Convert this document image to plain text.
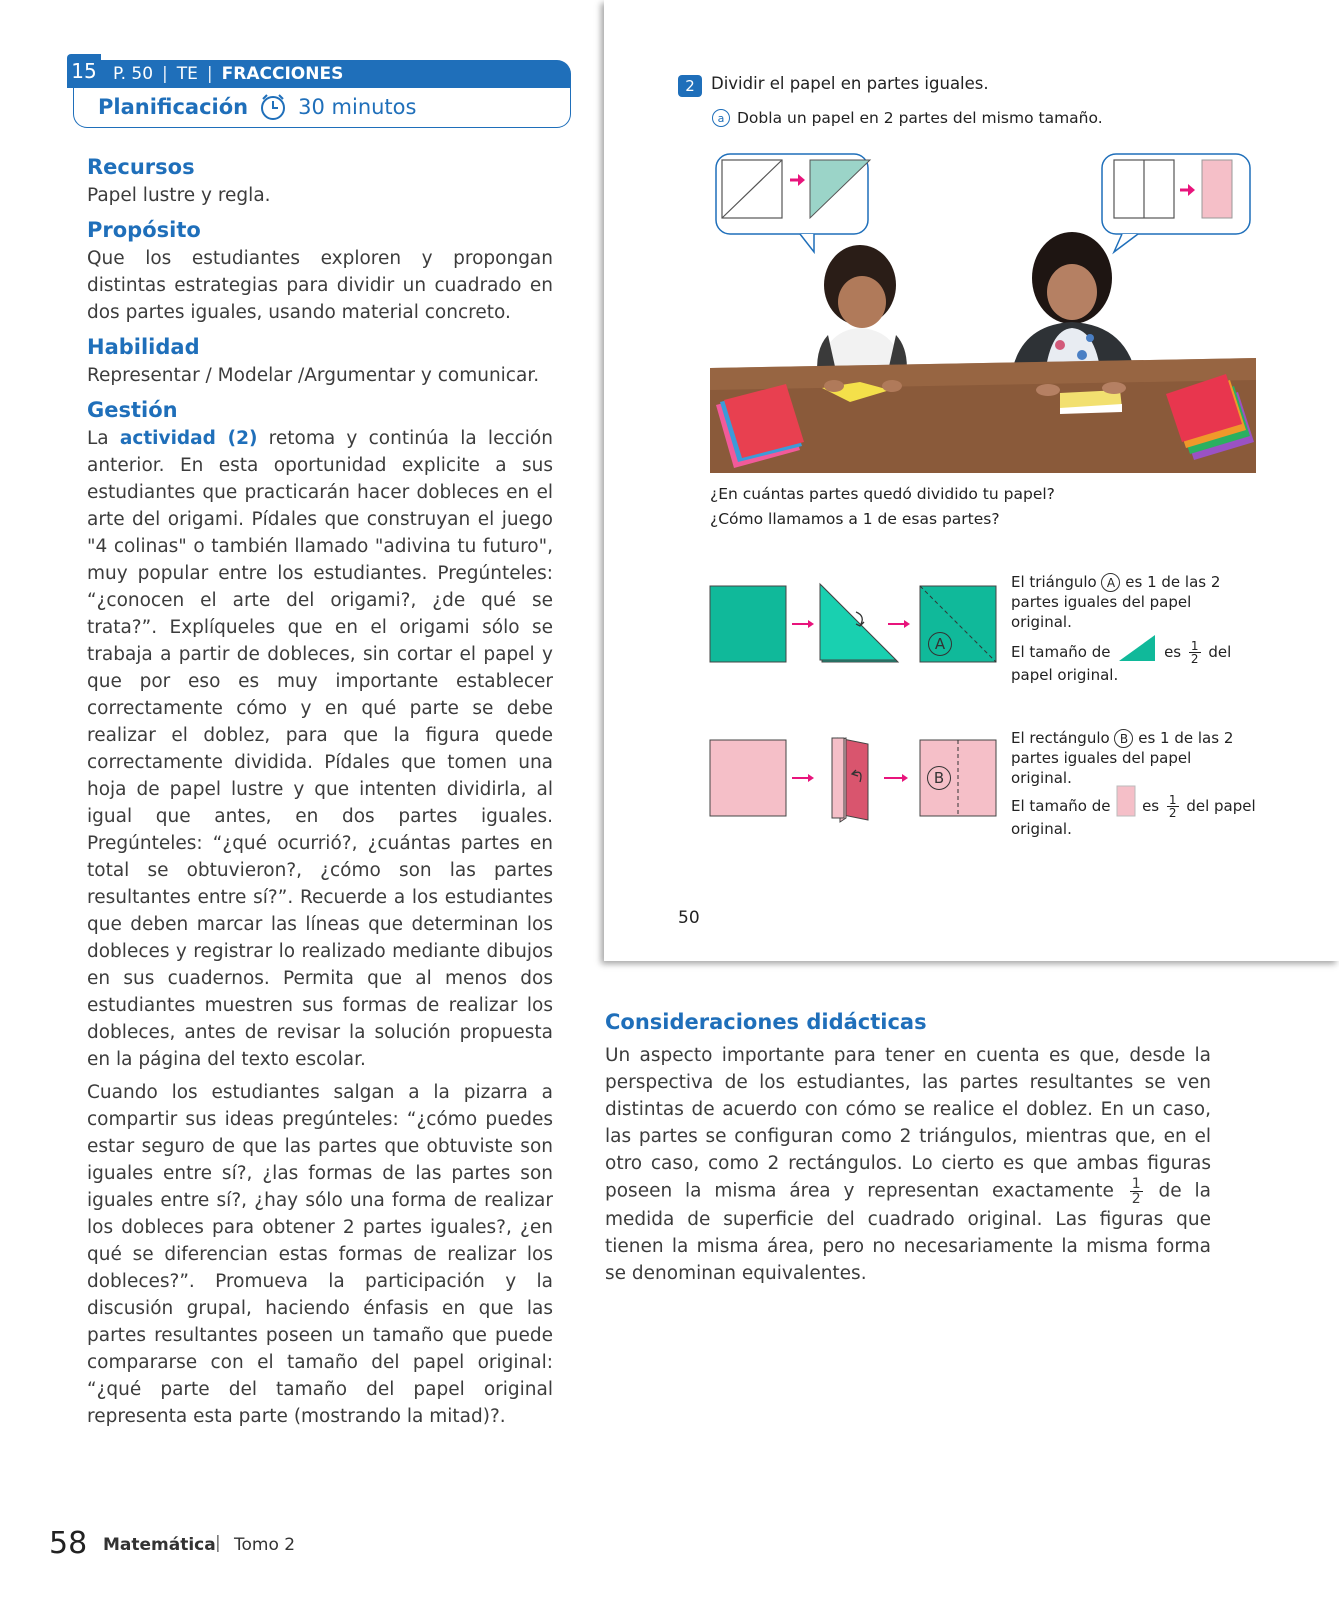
15 P. 50 | TE | FRACCIONES
Planificación 30 minutos
Recursos
Papel lustre y regla.
Propósito
Que los estudiantes exploren y propongan distintas estrategias para dividir un cuadrado en dos partes iguales, usando material concreto.
Habilidad
Representar / Modelar /Argumentar y comunicar.
Gestión
La actividad (2) retoma y continúa la lección anterior. En esta oportunidad explicite a sus estudiantes que practicarán hacer dobleces en el arte del origami. Pídales que construyan el juego "4 colinas" o también llamado "adivina tu futuro", muy popular entre los estudiantes. Pregúnteles: “¿conocen el arte del origami?, ¿de qué se trata?”. Explíqueles que en el origami sólo se trabaja a partir de dobleces, sin cortar el papel y que por eso es muy importante establecer correctamente cómo y en qué parte se debe realizar el doblez, para que la figura quede correctamente dividida. Pídales que tomen una hoja de papel lustre y que intenten dividirla, al igual que antes, en dos partes iguales. Pregúnteles: “¿qué ocurrió?, ¿cuántas partes en total se obtuvieron?, ¿cómo son las partes resultantes entre sí?”. Recuerde a los estudiantes que deben marcar las líneas que determinan los dobleces y registrar lo realizado mediante dibujos en sus cuadernos. Permita que al menos dos estudiantes muestren sus formas de realizar los dobleces, antes de revisar la solución propuesta en la página del texto escolar.
Cuando los estudiantes salgan a la pizarra a compartir sus ideas pregúnteles: “¿cómo puedes estar seguro de que las partes que obtuviste son iguales entre sí?, ¿las formas de las partes son iguales entre sí?, ¿hay sólo una forma de realizar los dobleces para obtener 2 partes iguales?, ¿en qué se diferencian estas formas de realizar los dobleces?”. Promueva la participación y la discusión grupal, haciendo énfasis en que las partes resultantes poseen un tamaño que puede compararse con el tamaño del papel original: “¿qué parte del tamaño del papel original representa esta parte (mostrando la mitad)?.
2 Dividir el papel en partes iguales.
a Dobla un papel en 2 partes del mismo tamaño.
¿En cuántas partes quedó dividido tu papel?
¿Cómo llamamos a 1 de esas partes?
A
El triángulo A es 1 de las 2
partes iguales del papel original.
El tamaño de	es $\frac{1}{2}$ del
papel original.
B
El rectángulo B es 1 de las 2
partes iguales del papel original.
El tamaño de es $\frac{1}{2}$ del papel
original.
50
Consideraciones didácticas
Un aspecto importante para tener en cuenta es que, desde la perspectiva de los estudiantes, las partes resultantes se ven distintas de acuerdo con cómo se realice el doblez. En un caso, las partes se configuran como 2 triángulos, mientras que, en el otro caso, como 2 rectángulos. Lo cierto es que ambas figuras poseen la misma área y representan exactamente $\frac{1}{2}$ de la medida de superficie del cuadrado original. Las figuras que tienen la misma área, pero no necesariamente la misma forma se denominan equivalentes.
58 Matemática | Tomo 2
